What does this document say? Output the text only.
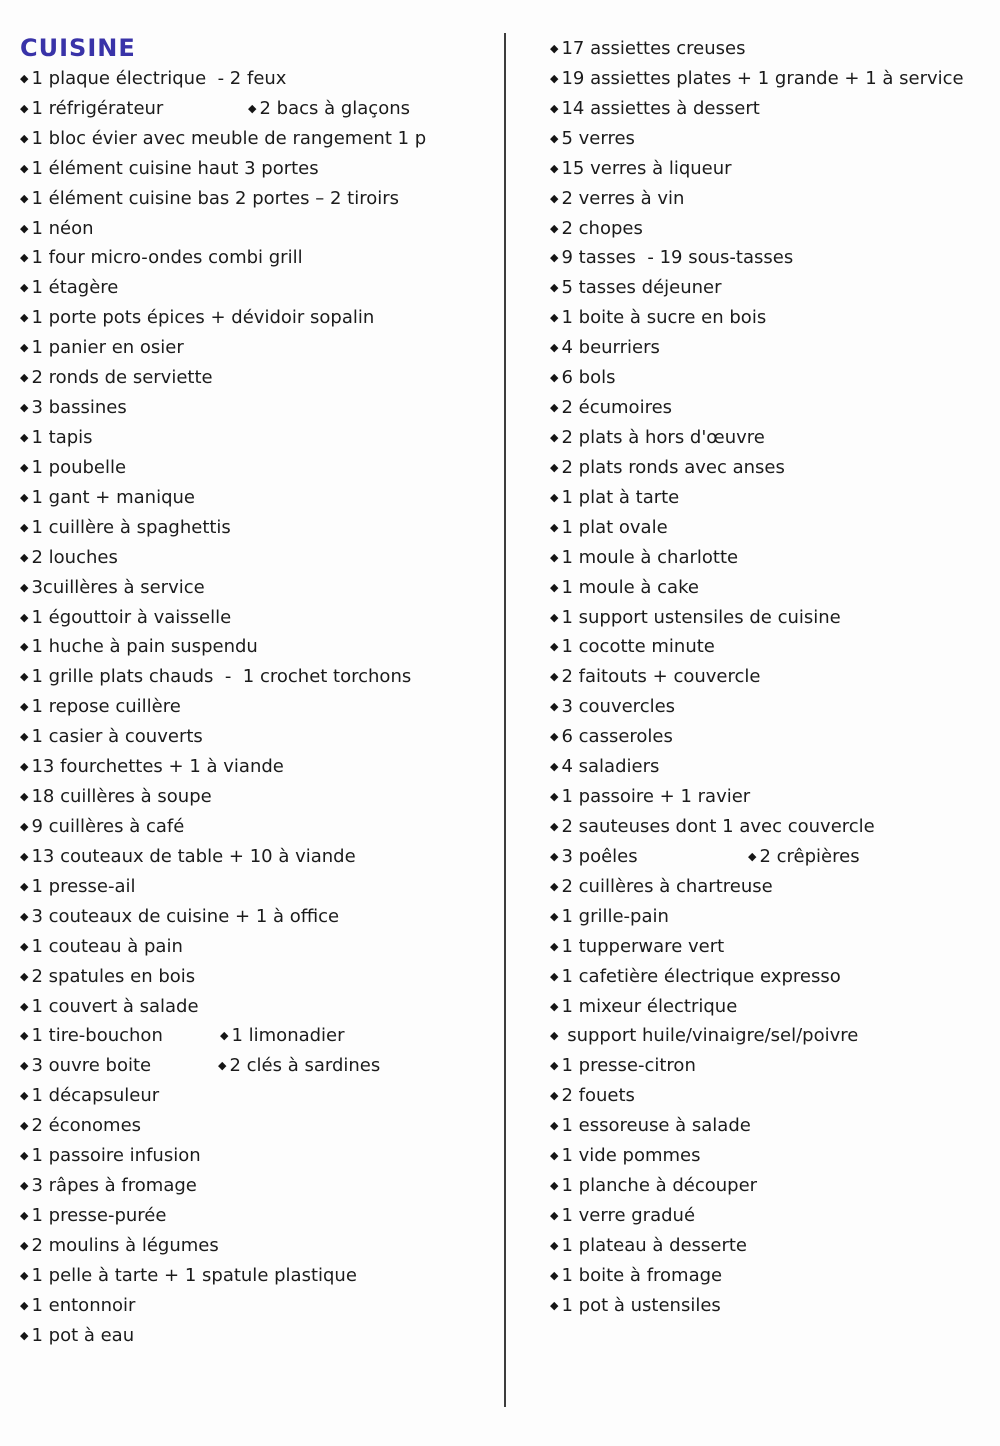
CUISINE
◆ 1 plaque électrique  - 2 feux
◆ 1 réfrigérateur	◆ 2 bacs à glaçons
◆ 1 bloc évier avec meuble de rangement 1 p
◆ 1 élément cuisine haut 3 portes
◆ 1 élément cuisine bas 2 portes – 2 tiroirs
◆ 1 néon
◆ 1 four micro-ondes combi grill
◆ 1 étagère
◆ 1 porte pots épices + dévidoir sopalin
◆ 1 panier en osier
◆ 2 ronds de serviette
◆ 3 bassines
◆ 1 tapis
◆ 1 poubelle
◆ 1 gant + manique
◆ 1 cuillère à spaghettis
◆ 2 louches
◆ 3cuillères à service
◆ 1 égouttoir à vaisselle
◆ 1 huche à pain suspendu
◆ 1 grille plats chauds  -  1 crochet torchons
◆ 1 repose cuillère
◆ 1 casier à couverts
◆ 13 fourchettes + 1 à viande
◆ 18 cuillères à soupe
◆ 9 cuillères à café
◆ 13 couteaux de table + 10 à viande
◆ 1 presse-ail
◆ 3 couteaux de cuisine + 1 à office
◆ 1 couteau à pain
◆ 2 spatules en bois
◆ 1 couvert à salade
◆ 1 tire-bouchon	◆ 1 limonadier
◆ 3 ouvre boite	◆ 2 clés à sardines
◆ 1 décapsuleur
◆ 2 économes
◆ 1 passoire infusion
◆ 3 râpes à fromage
◆ 1 presse-purée
◆ 2 moulins à légumes
◆ 1 pelle à tarte + 1 spatule plastique
◆ 1 entonnoir
◆ 1 pot à eau
◆ 17 assiettes creuses
◆ 19 assiettes plates + 1 grande + 1 à service
◆ 14 assiettes à dessert
◆ 5 verres
◆ 15 verres à liqueur
◆ 2 verres à vin
◆ 2 chopes
◆ 9 tasses  - 19 sous-tasses
◆ 5 tasses déjeuner
◆ 1 boite à sucre en bois
◆ 4 beurriers
◆ 6 bols
◆ 2 écumoires
◆ 2 plats à hors d'œuvre
◆ 2 plats ronds avec anses
◆ 1 plat à tarte
◆ 1 plat ovale
◆ 1 moule à charlotte
◆ 1 moule à cake
◆ 1 support ustensiles de cuisine
◆ 1 cocotte minute
◆ 2 faitouts + couvercle
◆ 3 couvercles
◆ 6 casseroles
◆ 4 saladiers
◆ 1 passoire + 1 ravier
◆ 2 sauteuses dont 1 avec couvercle
◆ 3 poêles	◆ 2 crêpières
◆ 2 cuillères à chartreuse
◆ 1 grille-pain
◆ 1 tupperware vert
◆ 1 cafetière électrique expresso
◆ 1 mixeur électrique
◆ support huile/vinaigre/sel/poivre
◆ 1 presse-citron
◆ 2 fouets
◆ 1 essoreuse à salade
◆ 1 vide pommes
◆ 1 planche à découper
◆ 1 verre gradué
◆ 1 plateau à desserte
◆ 1 boite à fromage
◆ 1 pot à ustensiles
